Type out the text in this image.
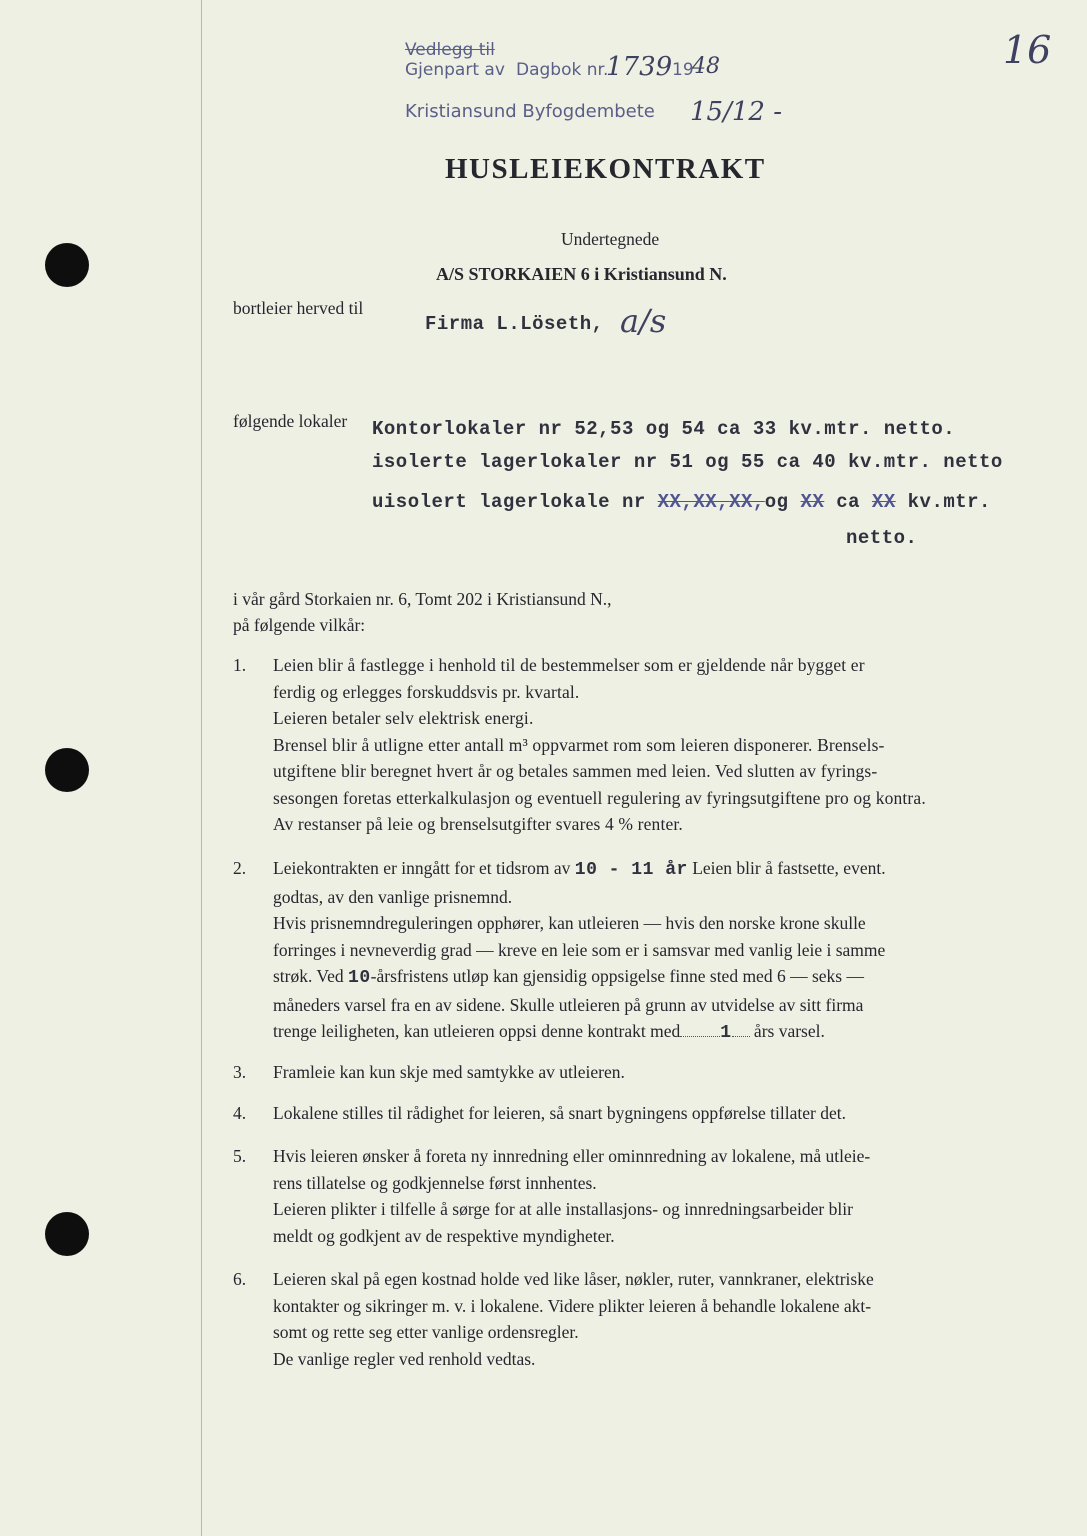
Vedlegg til
Gjenpart av Dagbok nr.
1739 19
48
Kristiansund Byfogdembete 15/12 -
16
HUSLEIEKONTRAKT
Undertegnede
A/S STORKAIEN 6 i Kristiansund N.
bortleier herved til
Firma L.Löseth, a/s
følgende lokaler Kontorlokaler nr 52,53 og 54 ca 33 kv.mtr. netto.
isolerte lagerlokaler nr 51 og 55 ca 40 kv.mtr. netto
uisolert lagerlokale nr XX,XX,XX,og XX ca XX kv.mtr.
netto.
i vår gård Storkaien nr. 6, Tomt 202 i Kristiansund N.,
på følgende vilkår:
1. Leien blir å fastlegge i henhold til de bestemmelser som er gjeldende når bygget er
ferdig og erlegges forskuddsvis pr. kvartal.
Leieren betaler selv elektrisk energi.
Brensel blir å utligne etter antall m³ oppvarmet rom som leieren disponerer. Brensels-
utgiftene blir beregnet hvert år og betales sammen med leien. Ved slutten av fyrings-
sesongen foretas etterkalkulasjon og eventuell regulering av fyringsutgiftene pro og kontra.
Av restanser på leie og brenselsutgifter svares 4 % renter.
2. Leiekontrakten er inngått for et tidsrom av 10 - 11 år Leien blir å fastsette, event.
godtas, av den vanlige prisnemnd.
Hvis prisnemndreguleringen opphører, kan utleieren — hvis den norske krone skulle
forringes i nevneverdig grad — kreve en leie som er i samsvar med vanlig leie i samme
strøk. Ved 10-årsfristens utløp kan gjensidig oppsigelse finne sted med 6 — seks —
måneders varsel fra en av sidene. Skulle utleieren på grunn av utvidelse av sitt firma
trenge leiligheten, kan utleieren oppsi denne kontrakt med 1 års varsel.
3. Framleie kan kun skje med samtykke av utleieren.
4. Lokalene stilles til rådighet for leieren, så snart bygningens oppførelse tillater det.
5. Hvis leieren ønsker å foreta ny innredning eller ominnredning av lokalene, må utleie-
rens tillatelse og godkjennelse først innhentes.
Leieren plikter i tilfelle å sørge for at alle installasjons- og innredningsarbeider blir
meldt og godkjent av de respektive myndigheter.
6. Leieren skal på egen kostnad holde ved like låser, nøkler, ruter, vannkraner, elektriske
kontakter og sikringer m. v. i lokalene. Videre plikter leieren å behandle lokalene akt-
somt og rette seg etter vanlige ordensregler.
De vanlige regler ved renhold vedtas.
